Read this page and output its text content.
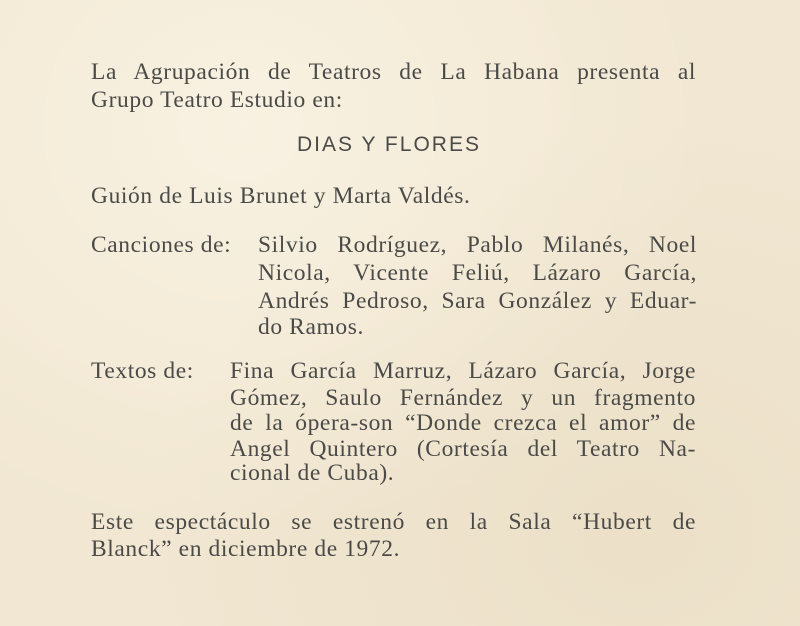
La Agrupación de Teatros de La Habana presenta al
Grupo Teatro Estudio en:
DIAS Y FLORES
Guión de Luis Brunet y Marta Valdés.
Canciones de: Silvio Rodríguez, Pablo Milanés, Noel
Nicola, Vicente Feliú, Lázaro García,
Andrés Pedroso, Sara González y Eduar-
do Ramos.
Textos de: Fina García Marruz, Lázaro García, Jorge
Gómez, Saulo Fernández y un fragmento
de la ópera-son “Donde crezca el amor” de
Angel Quintero (Cortesía del Teatro Na-
cional de Cuba).
Este espectáculo se estrenó en la Sala “Hubert de
Blanck” en diciembre de 1972.
